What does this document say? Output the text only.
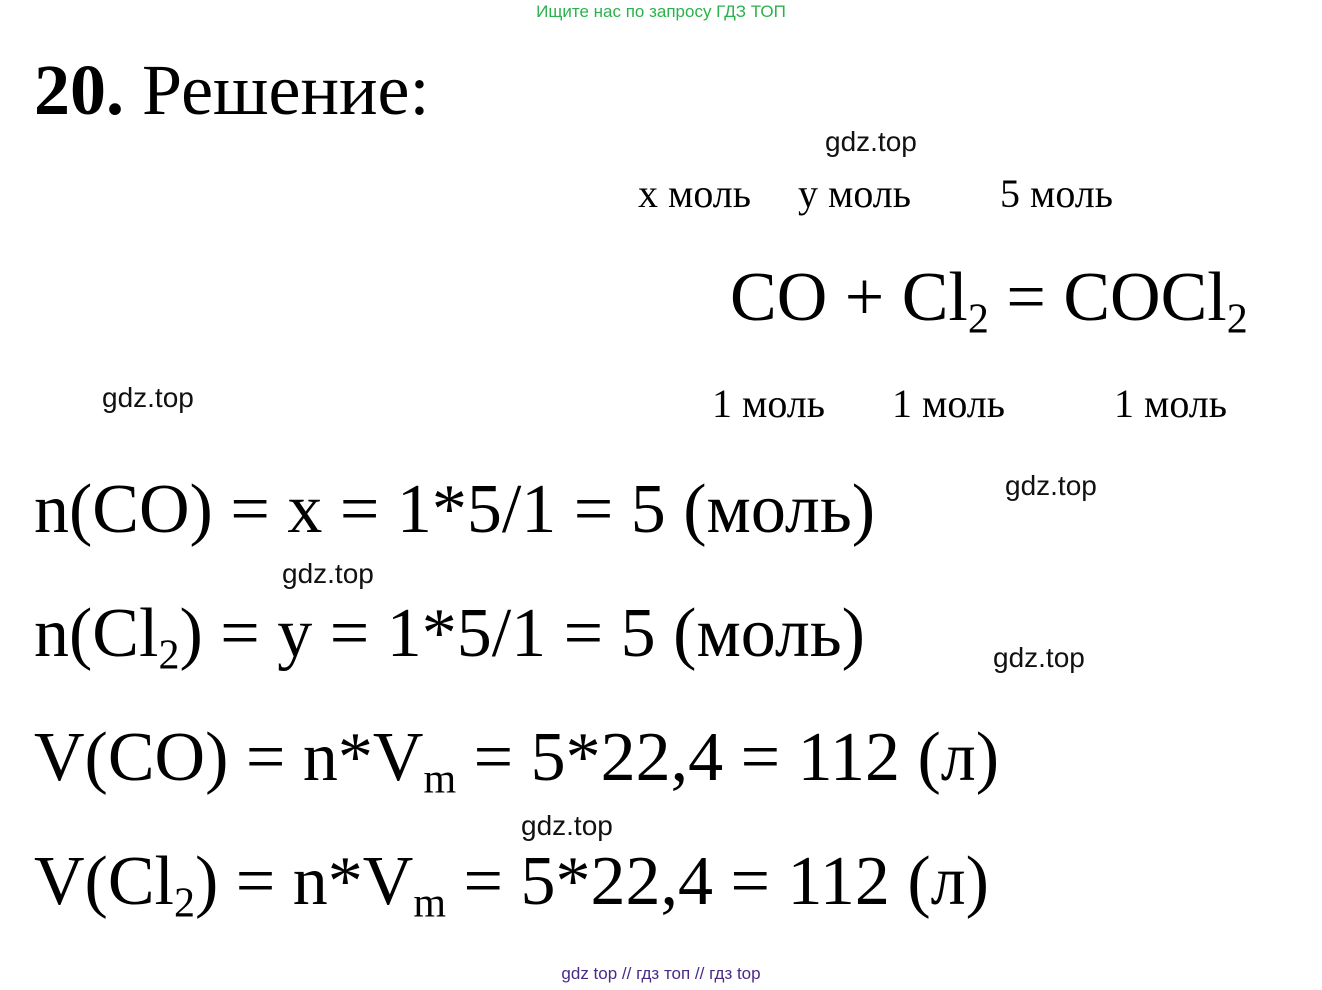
Ищите нас по запросу ГДЗ ТОП
20. Решение:
gdz.top
gdz.top
gdz.top
gdz.top
gdz.top
gdz.top
x моль y моль 5 моль
CO + $Cl_2$ = COCl$_2$
1 моль 1 моль	1 моль
n(CO) = x = 1*5/1 = 5 (моль)
$n(Cl_2) = y = 1*5/1 = 5$ (моль)
$V(CO) = n*V_m = 5*22,4 = 112$ (л)
$V(Cl_2) = n*V_m = 5*22,4 = 112$ (л)
gdz top // гдз топ // гдз top
